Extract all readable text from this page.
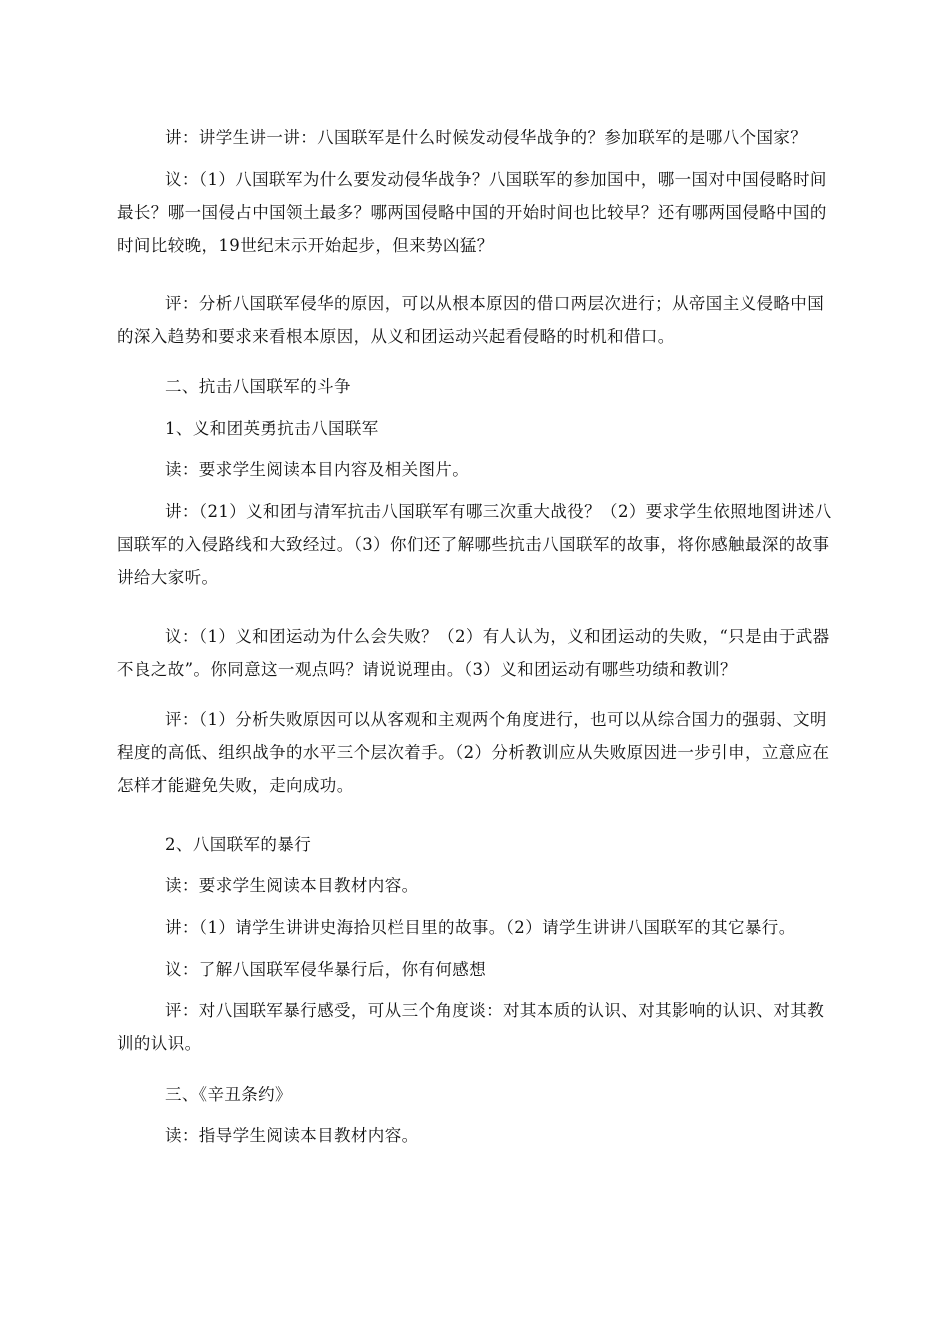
讲：讲学生讲一讲：八国联军是什么时候发动侵华战争的？参加联军的是哪八个国家？

议：（1）八国联军为什么要发动侵华战争？八国联军的参加国中，哪一国对中国侵略时间最长？哪一国侵占中国领土最多？哪两国侵略中国的开始时间也比较早？还有哪两国侵略中国的时间比较晚，19世纪末示开始起步，但来势凶猛？

评：分析八国联军侵华的原因，可以从根本原因的借口两层次进行；从帝国主义侵略中国的深入趋势和要求来看根本原因，从义和团运动兴起看侵略的时机和借口。

二、抗击八国联军的斗争

1、义和团英勇抗击八国联军

读：要求学生阅读本目内容及相关图片。

讲：（21）义和团与清军抗击八国联军有哪三次重大战役？（2）要求学生依照地图讲述八国联军的入侵路线和大致经过。（3）你们还了解哪些抗击八国联军的故事，将你感触最深的故事讲给大家听。

议：（1）义和团运动为什么会失败？（2）有人认为，义和团运动的失败，“只是由于武器不良之故”。你同意这一观点吗？请说说理由。（3）义和团运动有哪些功绩和教训？

评：（1）分析失败原因可以从客观和主观两个角度进行，也可以从综合国力的强弱、文明程度的高低、组织战争的水平三个层次着手。（2）分析教训应从失败原因进一步引申，立意应在怎样才能避免失败，走向成功。

2、八国联军的暴行

读：要求学生阅读本目教材内容。

讲：（1）请学生讲讲史海拾贝栏目里的故事。（2）请学生讲讲八国联军的其它暴行。

议：了解八国联军侵华暴行后，你有何感想

评：对八国联军暴行感受，可从三个角度谈：对其本质的认识、对其影响的认识、对其教训的认识。

三、《辛丑条约》

读：指导学生阅读本目教材内容。
